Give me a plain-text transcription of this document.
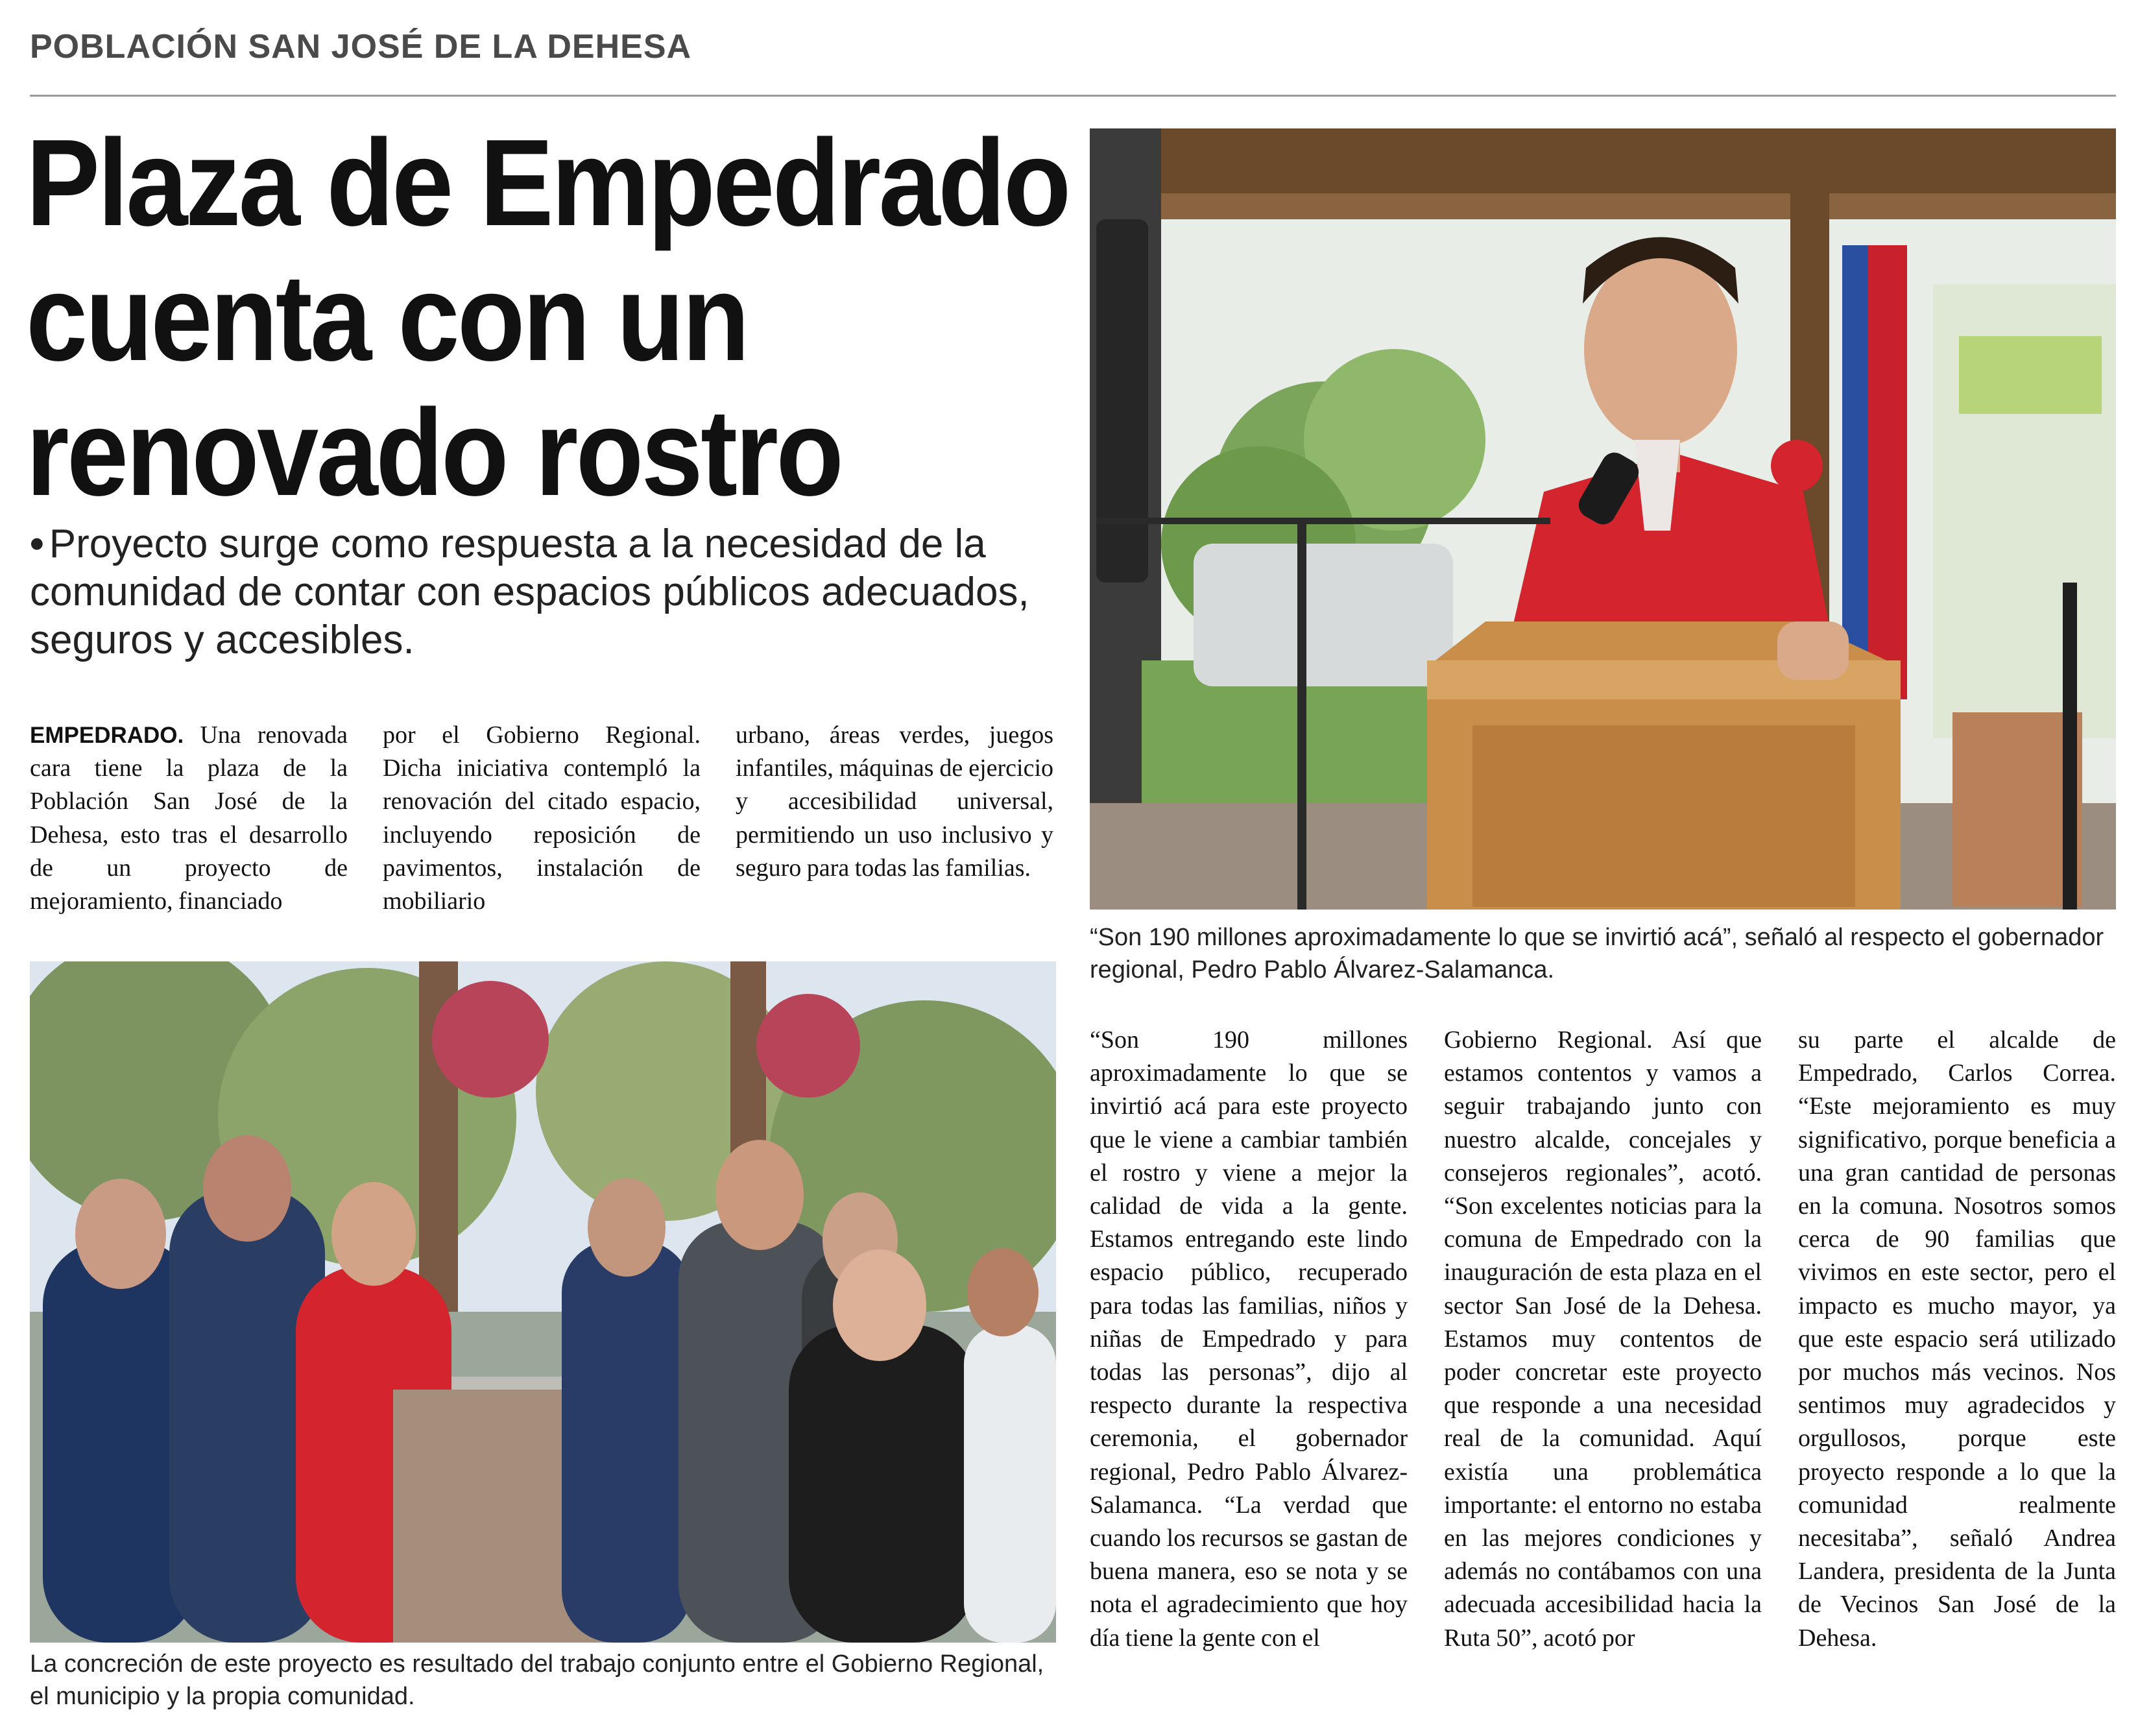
POBLACIÓN SAN JOSÉ DE LA DEHESA
Plaza de Empedrado
cuenta con un
renovado rostro
• Proyecto surge como respuesta a la necesidad de la comunidad de contar con espacios públicos adecuados, seguros y accesibles.
EMPEDRADO. Una renovada cara tiene la plaza de la Población San José de la Dehesa, esto tras el desarrollo de un proyecto de mejoramiento, financiado
por el Gobierno Regional. Dicha iniciativa contempló la renovación del citado espacio, incluyendo reposición de pavimentos, instalación de mobiliario
urbano, áreas verdes, juegos infantiles, máquinas de ejercicio y accesibilidad universal, permitiendo un uso inclusivo y seguro para todas las familias.
“Son 190 millones aproximadamente lo que se invirtió acá”, señaló al respecto el gobernador regional, Pedro Pablo Álvarez-Salamanca.
La concreción de este proyecto es resultado del trabajo conjunto entre el Gobierno Regional, el municipio y la propia comunidad.
“Son 190 millones aproximadamente lo que se invirtió acá para este proyecto que le viene a cambiar también el rostro y viene a mejor la calidad de vida a la gente. Estamos entregando este lindo espacio público, recuperado para todas las familias, niños y niñas de Empedrado y para todas las personas”, dijo al respecto durante la respectiva ceremonia, el gobernador regional, Pedro Pablo Álvarez-Salamanca. “La verdad que cuando los recursos se gastan de buena manera, eso se nota y se nota el agradecimiento que hoy día tiene la gente con el
Gobierno Regional. Así que estamos contentos y vamos a seguir trabajando junto con nuestro alcalde, concejales y consejeros regionales”, acotó. “Son excelentes noticias para la comuna de Empedrado con la inauguración de esta plaza en el sector San José de la Dehesa. Estamos muy contentos de poder concretar este proyecto que responde a una necesidad real de la comunidad. Aquí existía una problemática importante: el entorno no estaba en las mejores condiciones y además no contábamos con una adecuada accesibilidad hacia la Ruta 50”, acotó por
su parte el alcalde de Empedrado, Carlos Correa. “Este mejoramiento es muy significativo, porque beneficia a una gran cantidad de personas en la comuna. Nosotros somos cerca de 90 familias que vivimos en este sector, pero el impacto es mucho mayor, ya que este espacio será utilizado por muchos más vecinos. Nos sentimos muy agradecidos y orgullosos, porque este proyecto responde a lo que la comunidad realmente necesitaba”, señaló Andrea Landera, presidenta de la Junta de Vecinos San José de la Dehesa.
